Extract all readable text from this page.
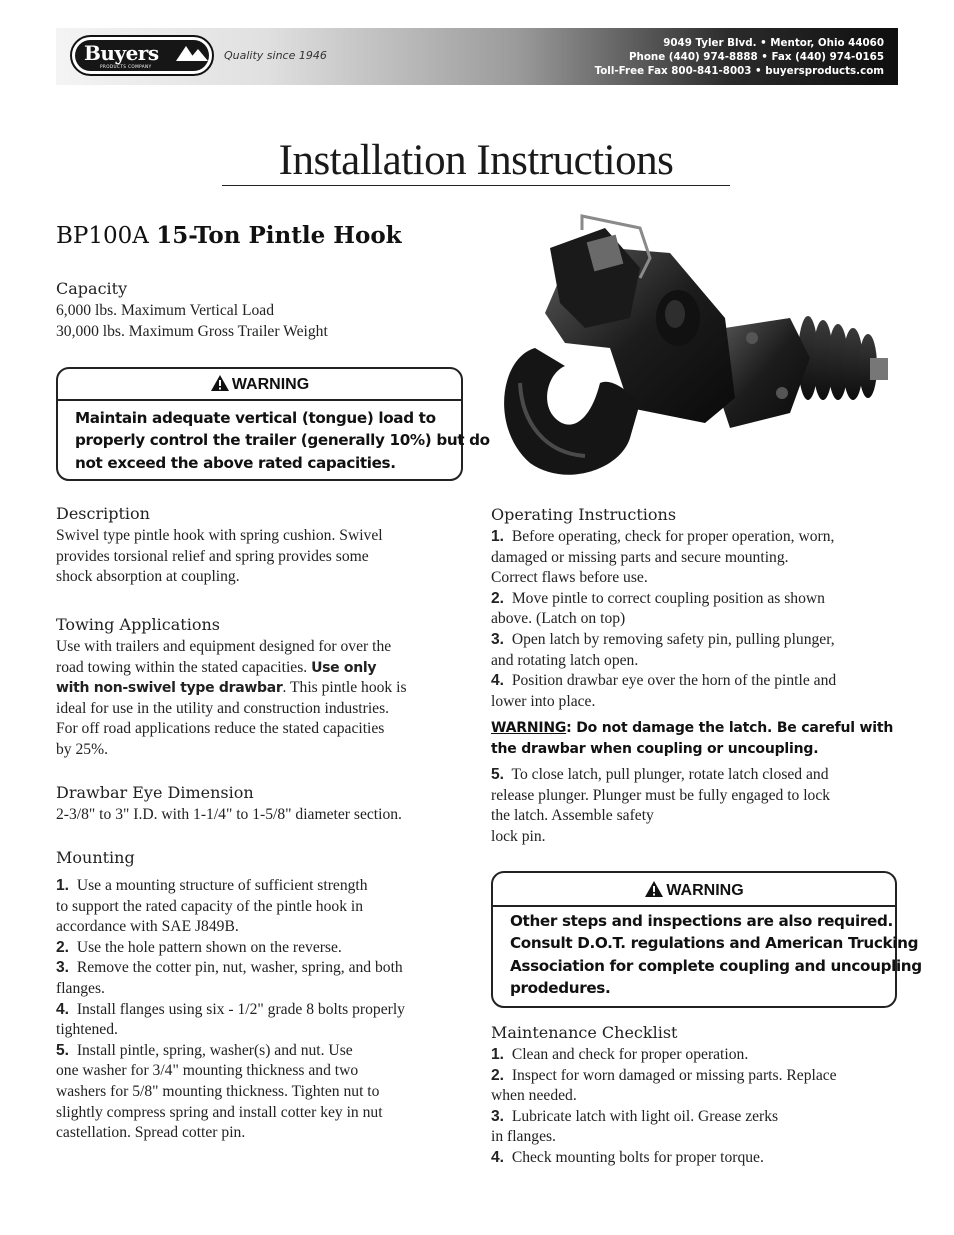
Buyers
PRODUCTS COMPANY
Quality since 1946
9049 Tyler Blvd. • Mentor, Ohio 44060
Phone (440) 974-8888 • Fax (440) 974-0165
Toll-Free Fax 800-841-8003 • buyersproducts.com
Installation Instructions
BP100A 15-Ton Pintle Hook
Capacity
6,000 lbs. Maximum Vertical Load
30,000 lbs. Maximum Gross Trailer Weight
WARNING
Maintain adequate vertical (tongue) load to
properly control the trailer (generally 10%) but do
not exceed the above rated capacities.
Description
Swivel type pintle hook with spring cushion. Swivel
provides torsional relief and spring provides some
shock absorption at coupling.
Towing Applications
Use with trailers and equipment designed for over the
road towing within the stated capacities. Use only
with non-swivel type drawbar. This pintle hook is
ideal for use in the utility and construction industries.
For off road applications reduce the stated capacities
by 25%.
Drawbar Eye Dimension
2-3/8" to 3" I.D. with 1-1/4" to 1-5/8" diameter section.
Mounting
1. Use a mounting structure of sufficient strength
to support the rated capacity of the pintle hook in
accordance with SAE J849B.
2. Use the hole pattern shown on the reverse.
3. Remove the cotter pin, nut, washer, spring, and both
flanges.
4. Install flanges using six - 1/2" grade 8 bolts properly
tightened.
5. Install pintle, spring, washer(s) and nut. Use
one washer for 3/4" mounting thickness and two
washers for 5/8" mounting thickness. Tighten nut to
slightly compress spring and install cotter key in nut
castellation. Spread cotter pin.
Operating Instructions
1. Before operating, check for proper operation, worn,
damaged or missing parts and secure mounting.
Correct flaws before use.
2. Move pintle to correct coupling position as shown
above. (Latch on top)
3. Open latch by removing safety pin, pulling plunger,
and rotating latch open.
4. Position drawbar eye over the horn of the pintle and
lower into place.
WARNING: Do not damage the latch. Be careful with
the drawbar when coupling or uncoupling.
5. To close latch, pull plunger, rotate latch closed and
release plunger. Plunger must be fully engaged to lock
the latch. Assemble safety
lock pin.
WARNING
Other steps and inspections are also required.
Consult D.O.T. regulations and American Trucking
Association for complete coupling and uncoupling
prodedures.
Maintenance Checklist
1. Clean and check for proper operation.
2. Inspect for worn damaged or missing parts. Replace
when needed.
3. Lubricate latch with light oil. Grease zerks
in flanges.
4. Check mounting bolts for proper torque.
